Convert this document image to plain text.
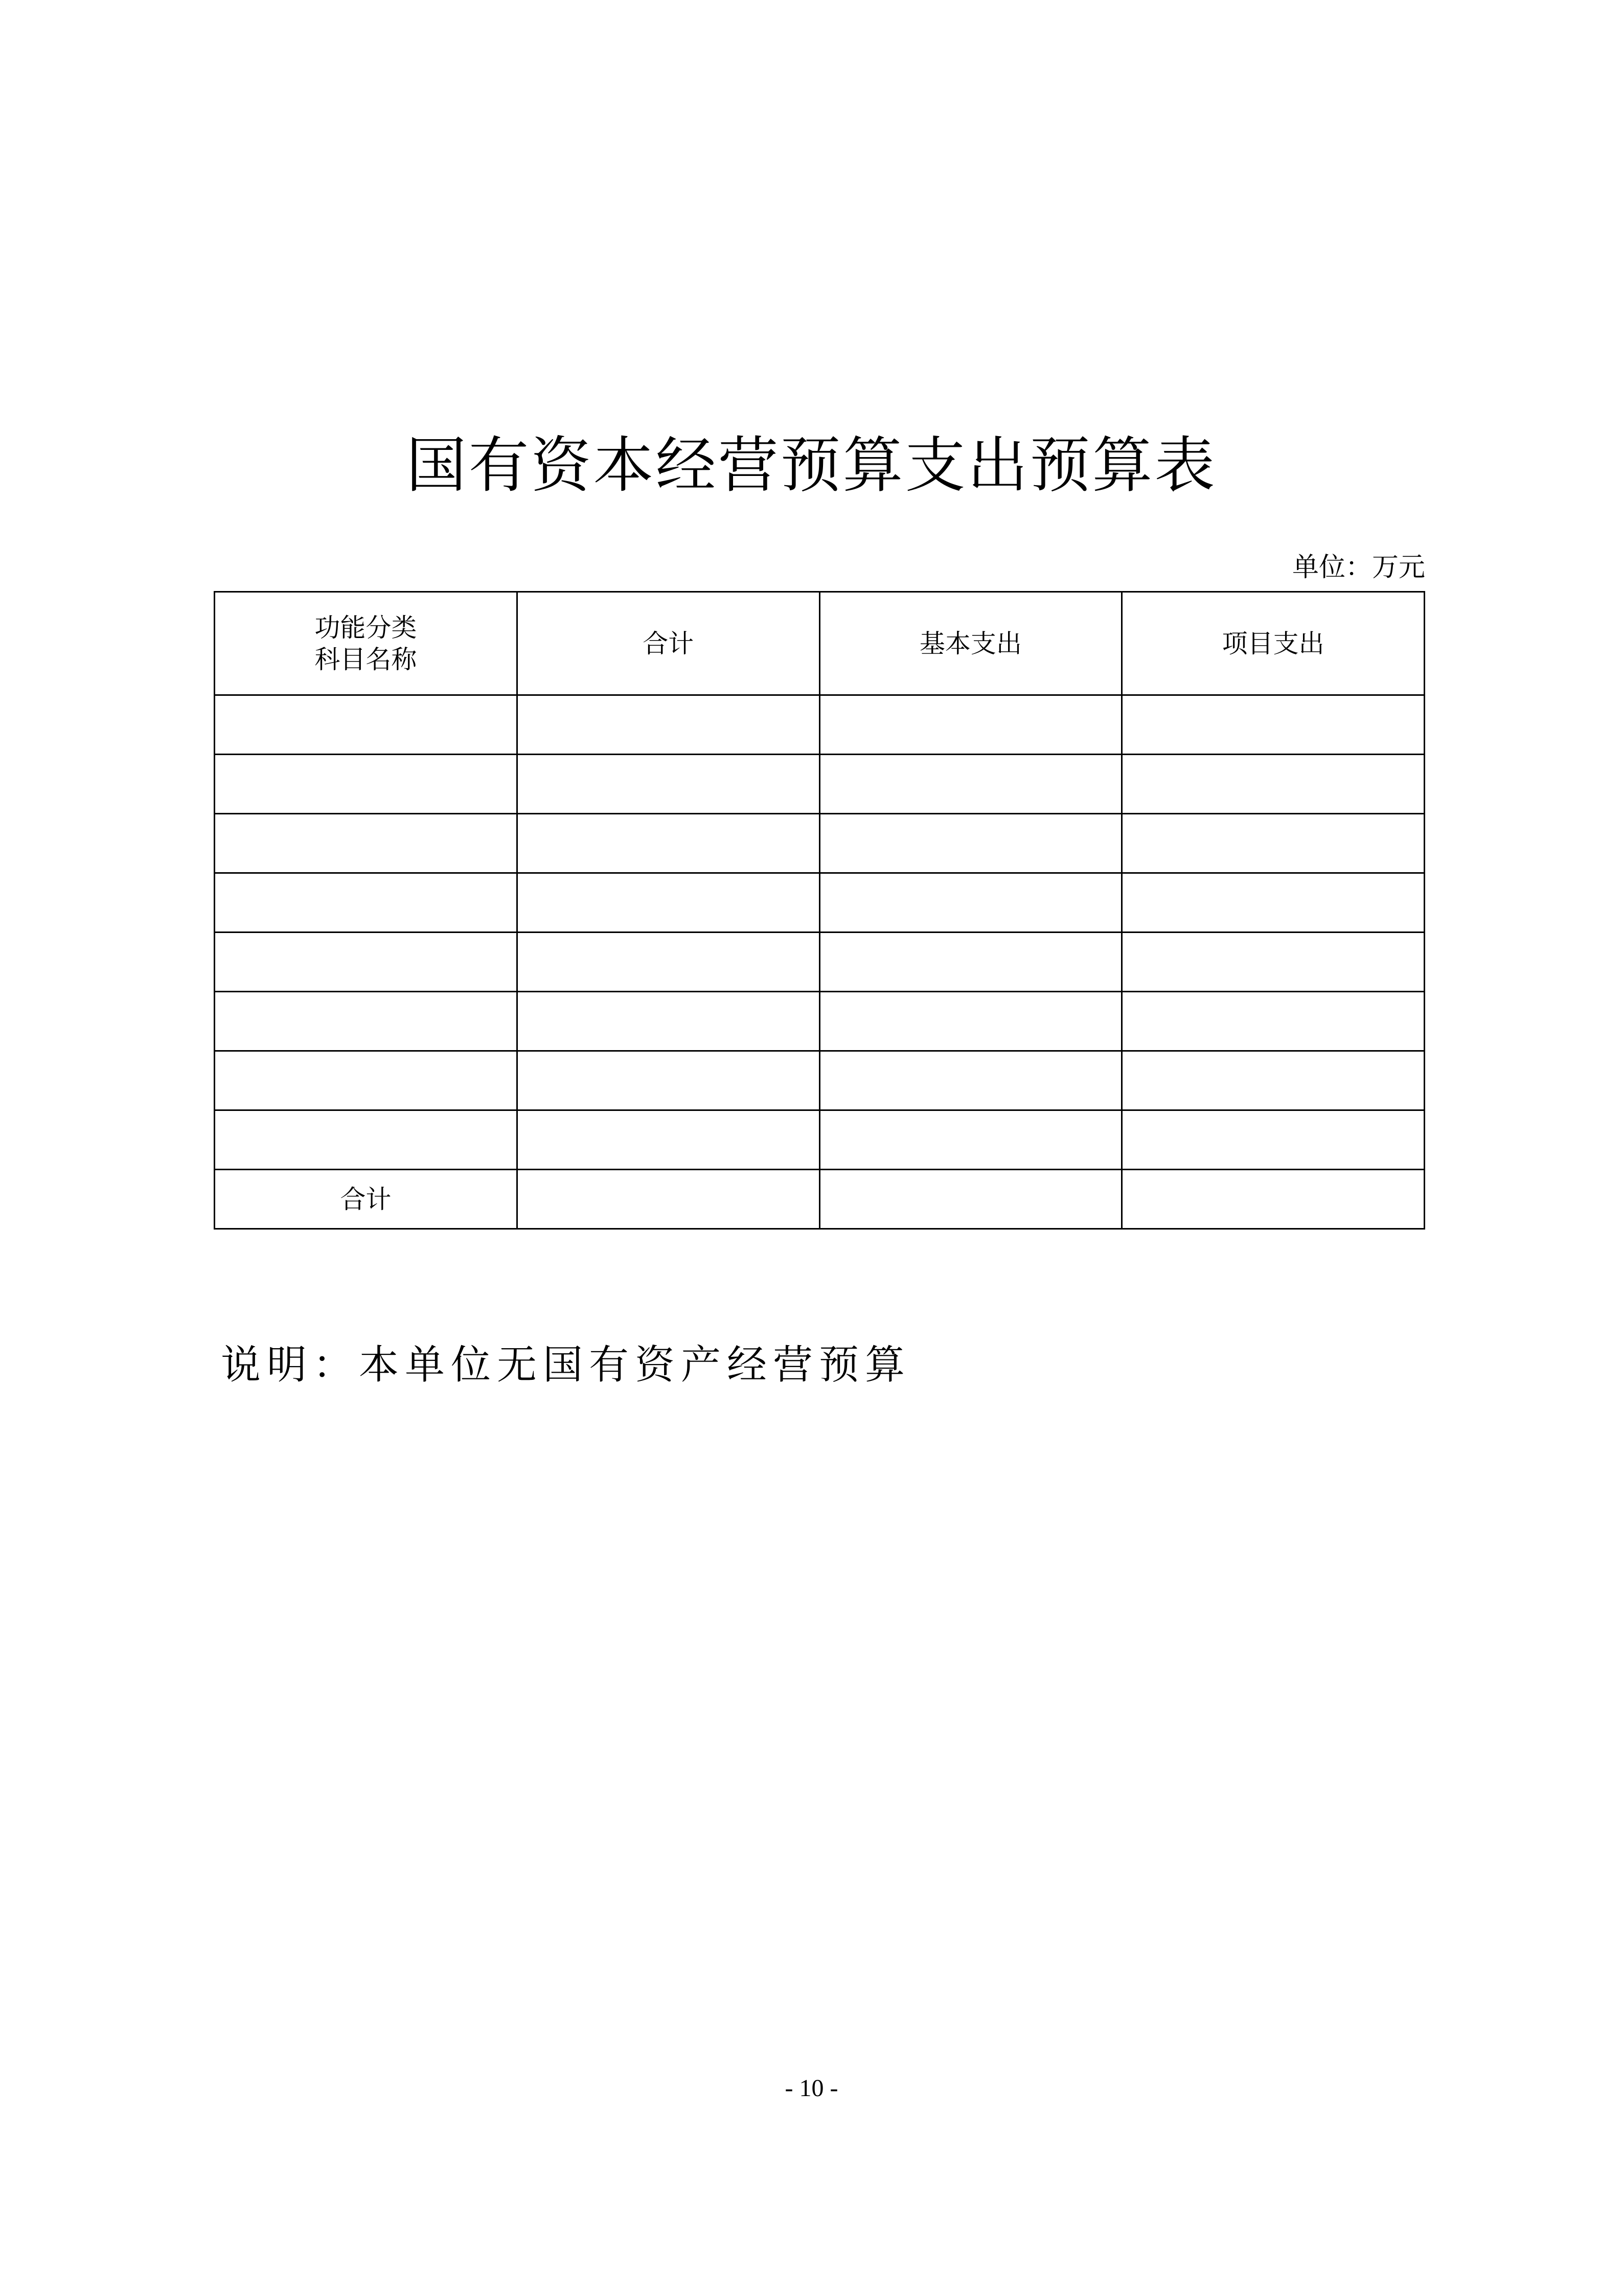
国有资本经营预算支出预算表
单位：万元
功能分类
科目名称	合计	基本支出	项目支出

合计			
说明：本单位无国有资产经营预算
- 10 -
